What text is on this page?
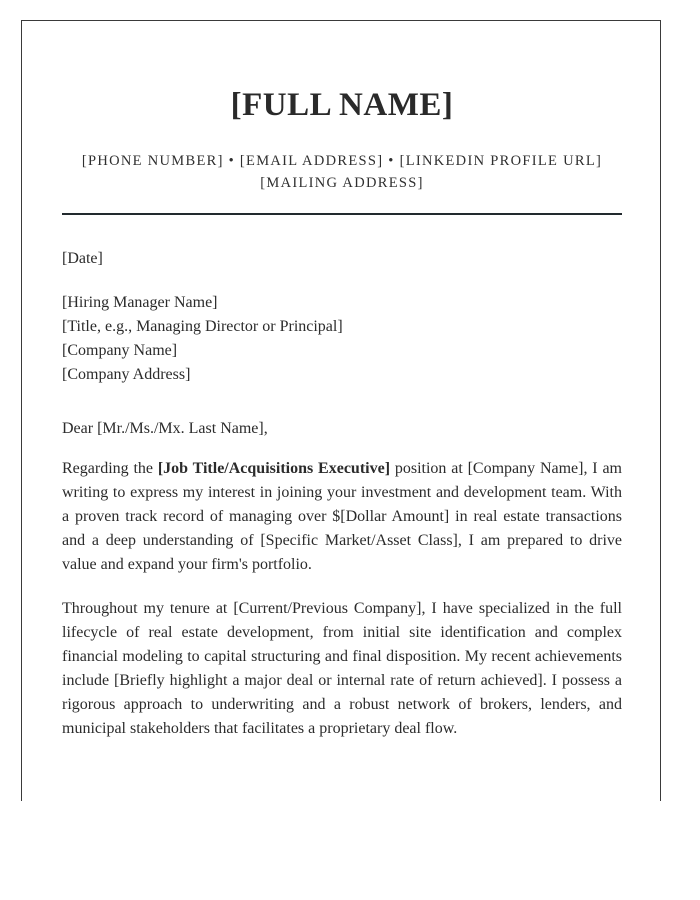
[FULL NAME]
[PHONE NUMBER] • [EMAIL ADDRESS] • [LINKEDIN PROFILE URL]
[MAILING ADDRESS]
[Date]
[Hiring Manager Name]
[Title, e.g., Managing Director or Principal]
[Company Name]
[Company Address]
Dear [Mr./Ms./Mx. Last Name],

Regarding the [Job Title/Acquisitions Executive] position at [Company Name], I am writing to express my interest in joining your investment and development team. With a proven track record of managing over $[Dollar Amount] in real estate transactions and a deep understanding of [Specific Market/Asset Class], I am prepared to drive value and expand your firm's portfolio.

Throughout my tenure at [Current/Previous Company], I have specialized in the full lifecycle of real estate development, from initial site identification and complex financial modeling to capital structuring and final disposition. My recent achievements include [Briefly highlight a major deal or internal rate of return achieved]. I possess a rigorous approach to underwriting and a robust network of brokers, lenders, and municipal stakeholders that facilitates a proprietary deal flow.
